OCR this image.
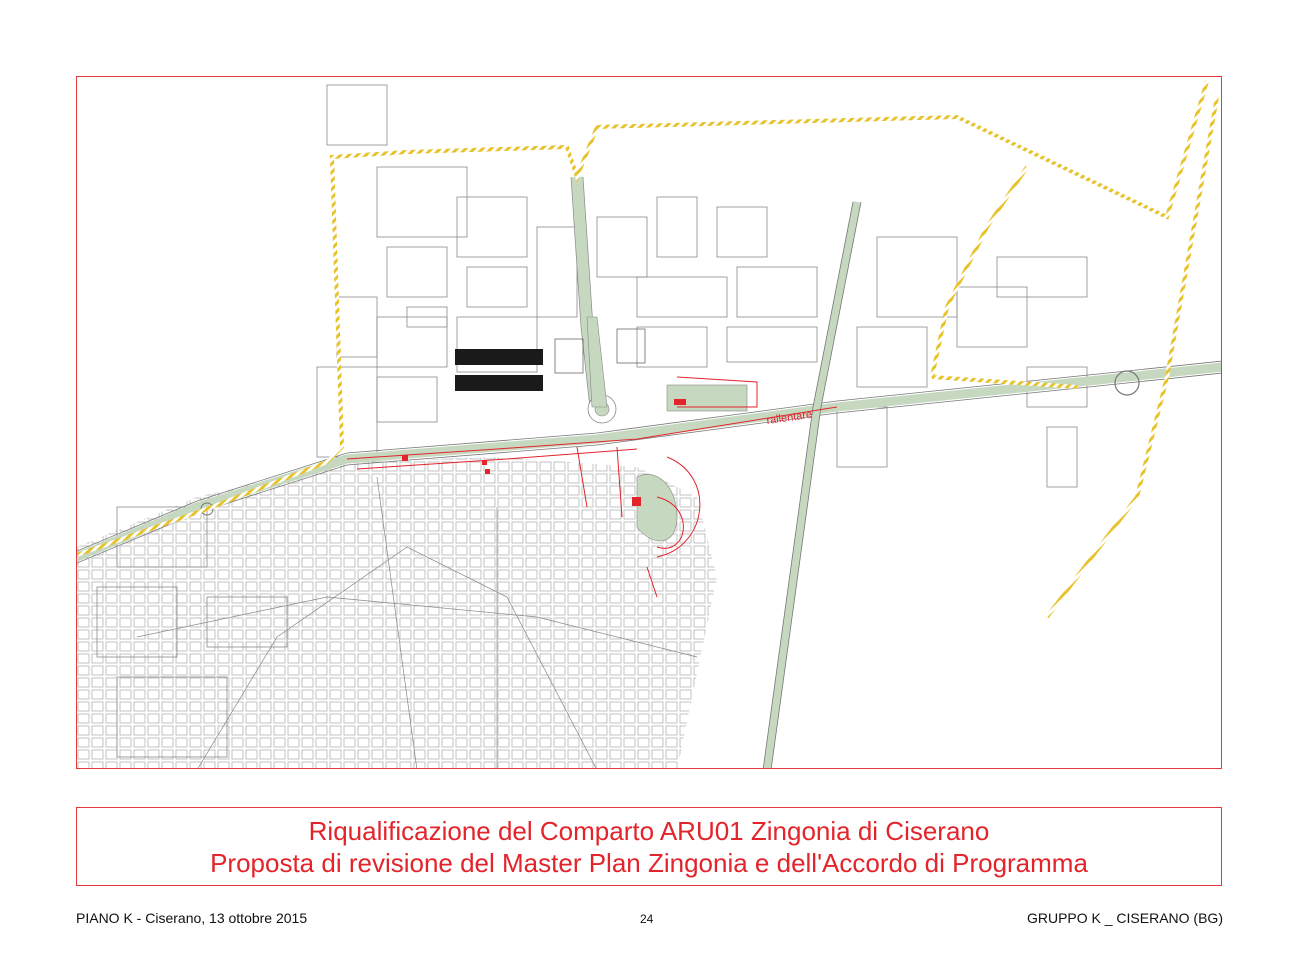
rallentare
Riqualificazione del Comparto ARU01 Zingonia di Ciserano
Proposta di revisione del Master Plan Zingonia e dell'Accordo di Programma
PIANO K - Ciserano, 13 ottobre 2015	24	GRUPPO K _ CISERANO (BG)
